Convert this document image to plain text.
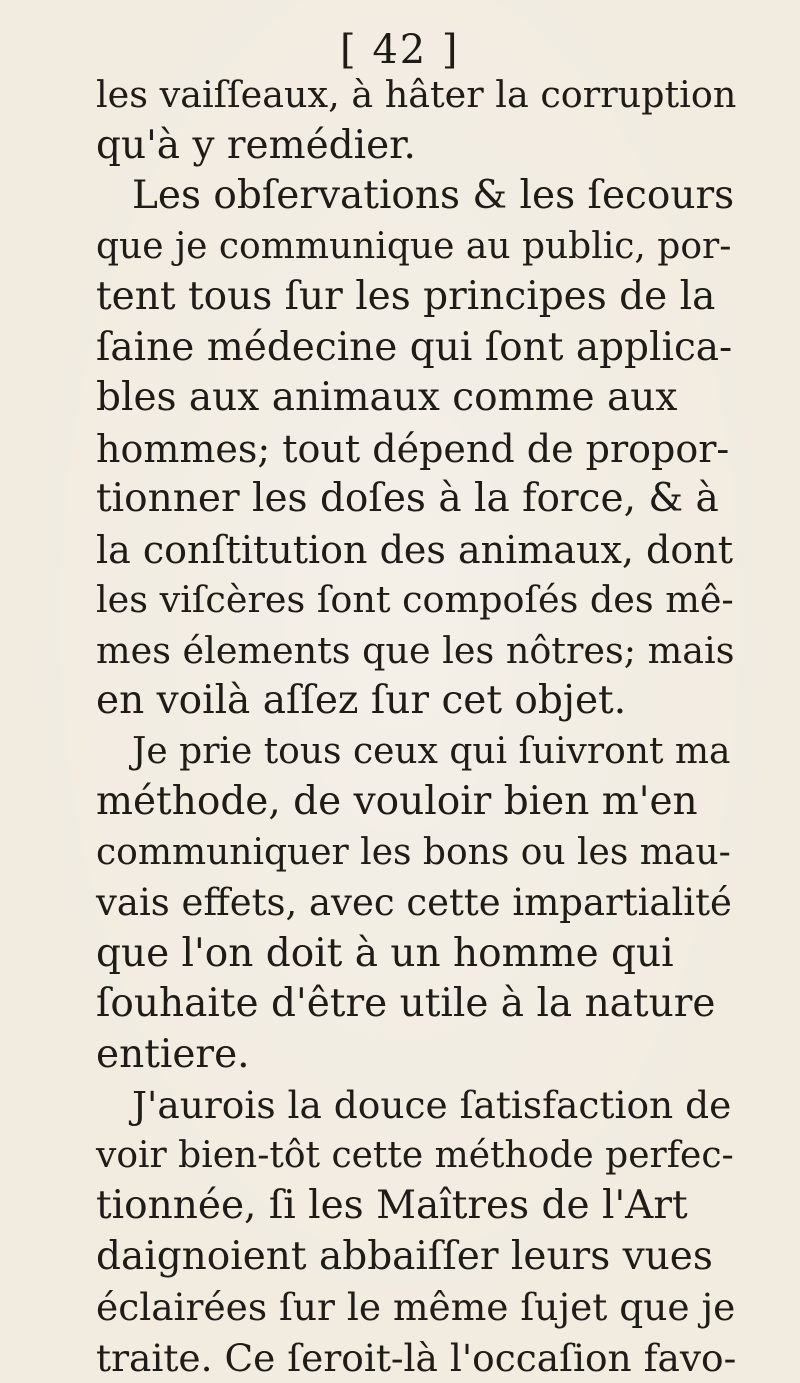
[ 42 ]
les vaiſſeaux, à hâter la corruption
qu'à y remédier.
Les obſervations & les ſecours
que je communique au public, por-
tent tous ſur les principes de la
ſaine médecine qui ſont applica-
bles aux animaux comme aux
hommes; tout dépend de propor-
tionner les doſes à la force, & à
la conſtitution des animaux, dont
les viſcères ſont compoſés des mê-
mes élements que les nôtres; mais
en voilà aſſez ſur cet objet.
Je prie tous ceux qui ſuivront ma
méthode, de vouloir bien m'en
communiquer les bons ou les mau-
vais effets, avec cette impartialité
que l'on doit à un homme qui
ſouhaite d'être utile à la nature
entiere.
J'aurois la douce ſatisfaction de
voir bien-tôt cette méthode perfec-
tionnée, ſi les Maîtres de l'Art
daignoient abbaiſſer leurs vues
éclairées ſur le même ſujet que je
traite. Ce ſeroit-là l'occaſion favo-
